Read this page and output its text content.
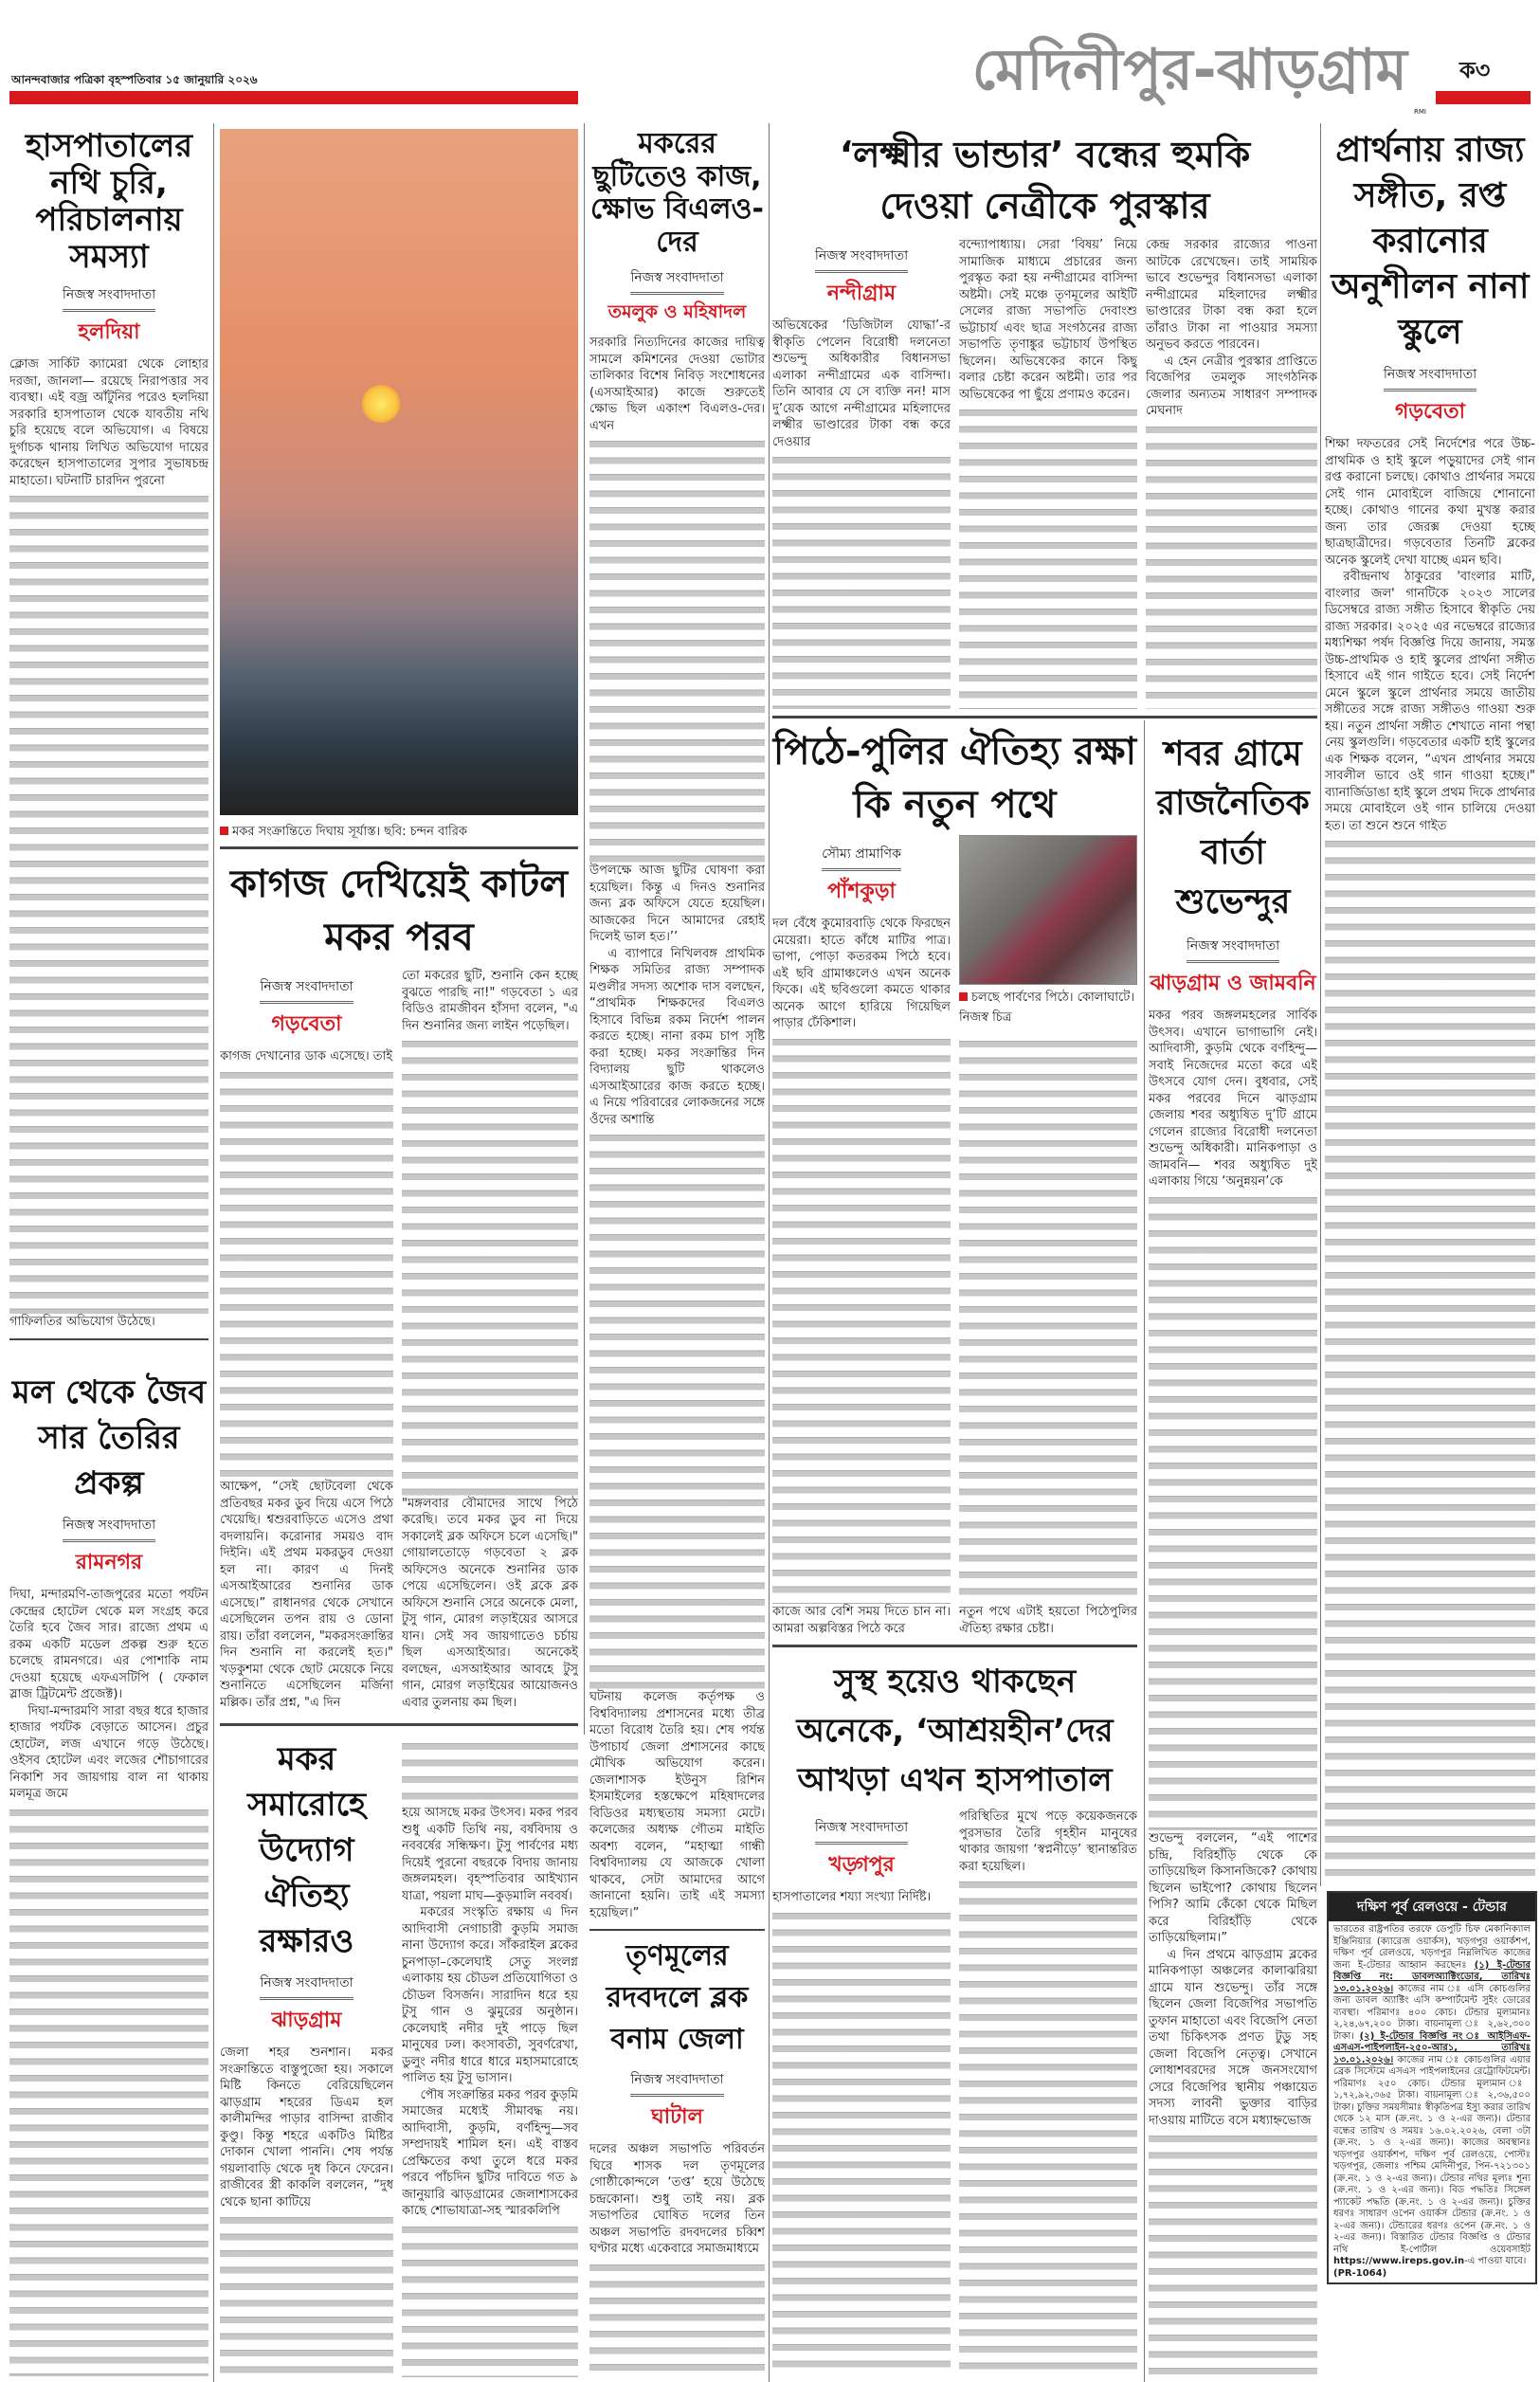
আনন্দবাজার পত্রিকা বৃহস্পতিবার ১৫ জানুয়ারি ২০২৬	মেদিনীপুর-ঝাড়গ্রাম
RMI
ক৩
হাসপাতালের নথি চুরি, পরিচালনায় সমস্যা
নিজস্ব সংবাদদাতা
হলদিয়া

ক্লোজ সার্কিট ক্যামেরা থেকে লোহার দরজা, জানলা— রয়েছে নিরাপত্তার সব ব্যবস্থা। এই বজ্র আঁটুনির পরেও হলদিয়া সরকারি হাসপাতাল থেকে যাবতীয় নথি চুরি হয়েছে বলে অভিযোগ। এ বিষয়ে দুর্গাচক থানায় লিখিত অভিযোগ দায়ের করেছেন হাসপাতালের সুপার সুভাষচন্দ্র মাহাতো। ঘটনাটি চারদিন পুরনো

গাফিলতির অভিযোগ উঠেছে।

মকর সংক্রান্তিতে দিঘায় সূর্যাস্ত। ছবি: চন্দন বারিক
মকরের ছুটিতেও কাজ, ক্ষোভ বিএলও-দের
নিজস্ব সংবাদদাতা
তমলুক ও মহিষাদল

সরকারি নিত্যদিনের কাজের দায়িত্ব সামলে কমিশনের দেওয়া ভোটার তালিকার বিশেষ নিবিড় সংশোধনের (এসআইআর) কাজে শুরুতেই ক্ষোভ ছিল একাংশ বিএলও-দের। এখন

উপলক্ষে আজ ছুটির ঘোষণা করা হয়েছিল। কিন্তু এ দিনও শুনানির জন্য ব্লক অফিসে যেতে হয়েছিল। আজকের দিনে আমাদের রেহাই দিলেই ভাল হত।’’

এ ব্যাপারে নিখিলবঙ্গ প্রাথমিক শিক্ষক সমিতির রাজ্য সম্পাদক মণ্ডলীর সদস্য অশোক দাস বলছেন, “প্রাথমিক শিক্ষকদের বিএলও হিসাবে বিভিন্ন রকম নির্দেশ পালন করতে হচ্ছে। নানা রকম চাপ সৃষ্টি করা হচ্ছে। মকর সংক্রান্তির দিন বিদ্যালয় ছুটি থাকলেও এসআইআরের কাজ করতে হচ্ছে। এ নিয়ে পরিবারের লোকজনের সঙ্গে ওঁদের অশান্তি

ঘটনায় কলেজ কর্তৃপক্ষ ও বিশ্ববিদ্যালয় প্রশাসনের মধ্যে তীব্র মতো বিরোধ তৈরি হয়। শেষ পর্যন্ত উপাচার্য জেলা প্রশাসনের কাছে মৌখিক অভিযোগ করেন। জেলাশাসক ইউনুস রিশিন ইসমাইলের হস্তক্ষেপে মহিষাদলের বিডিওর মধ্যস্থতায় সমস্যা মেটে। কলেজের অধ্যক্ষ গৌতম মাইতি অবশ্য বলেন, “মহাত্মা গান্ধী বিশ্ববিদ্যালয় যে আজকে খোলা থাকবে, সেটা আমাদের আগে জানানো হয়নি। তাই এই সমস্যা হয়েছিল।”

‘লক্ষ্মীর ভান্ডার’ বন্ধের হুমকি
দেওয়া নেত্রীকে পুরস্কার
নিজস্ব সংবাদদাতা
নন্দীগ্রাম

অভিষেকের ‘ডিজিটাল যোদ্ধা’-র স্বীকৃতি পেলেন বিরোধী দলনেতা শুভেন্দু অধিকারীর বিধানসভা এলাকা নন্দীগ্রামের এক বাসিন্দা। তিনি আবার যে সে ব্যক্তি নন! মাস দু’য়েক আগে নন্দীগ্রামের মহিলাদের লক্ষ্মীর ভাণ্ডারের টাকা বন্ধ করে দেওয়ার

বন্দ্যোপাধ্যায়। সেরা ‘বিষয়’ নিয়ে সামাজিক মাধ্যমে প্রচারের জন্য পুরস্কৃত করা হয় নন্দীগ্রামের বাসিন্দা অষ্টমী। সেই মঞ্চে তৃণমূলের আইটি সেলের রাজ্য সভাপতি দেবাংশু ভট্টাচার্য এবং ছাত্র সংগঠনের রাজ্য সভাপতি তৃণাঙ্কুর ভট্টাচার্য উপস্থিত ছিলেন। অভিষেকের কানে কিছু বলার চেষ্টা করেন অষ্টমী। তার পর অভিষেকের পা ছুঁয়ে প্রণামও করেন।

কেন্দ্র সরকার রাজ্যের পাওনা আটকে রেখেছেন। তাই সাময়িক ভাবে শুভেন্দুর বিধানসভা এলাকা নন্দীগ্রামের মহিলাদের লক্ষ্মীর ভাণ্ডারের টাকা বন্ধ করা হলে তাঁরাও টাকা না পাওয়ার সমস্যা অনুভব করতে পারবেন।

এ হেন নেত্রীর পুরস্কার প্রাপ্তিতে বিজেপির তমলুক সাংগঠনিক জেলার অন্যতম সাধারণ সম্পাদক মেঘনাদ

প্রার্থনায় রাজ্য সঙ্গীত, রপ্ত করানোর অনুশীলন নানা স্কুলে
নিজস্ব সংবাদদাতা
গড়বেতা

শিক্ষা দফতরের সেই নির্দেশের পরে উচ্চ-প্রাথমিক ও হাই স্কুলে পড়ুয়াদের সেই গান রপ্ত করানো চলছে। কোথাও প্রার্থনার সময়ে সেই গান মোবাইলে বাজিয়ে শোনানো হচ্ছে। কোথাও গানের কথা মুখস্ত করার জন্য তার জেরক্স দেওয়া হচ্ছে ছাত্রছাত্রীদের। গড়বেতার তিনটি ব্লকের অনেক স্কুলেই দেখা যাচ্ছে এমন ছবি।

রবীন্দ্রনাথ ঠাকুরের 'বাংলার মাটি, বাংলার জল' গানটিকে ২০২৩ সালের ডিসেম্বরে রাজ্য সঙ্গীত হিসাবে স্বীকৃতি দেয় রাজ্য সরকার। ২০২৫ এর নভেম্বরে রাজ্যের মধ্যশিক্ষা পর্ষদ বিজ্ঞপ্তি দিয়ে জানায়, সমস্ত উচ্চ-প্রাথমিক ও হাই স্কুলের প্রার্থনা সঙ্গীত হিসাবে এই গান গাইতে হবে। সেই নির্দেশ মেনে স্কুলে স্কুলে প্রার্থনার সময়ে জাতীয় সঙ্গীতের সঙ্গে রাজ্য সঙ্গীতও গাওয়া শুরু হয়। নতুন প্রার্থনা সঙ্গীত শেখাতে নানা পন্থা নেয় স্কুলগুলি। গড়বেতার একটি হাই স্কুলের এক শিক্ষক বলেন, “এখন প্রার্থনার সময়ে সাবলীল ভাবে ওই গান গাওয়া হচ্ছে।" ব্যানার্জিডাঙা হাই স্কুলে প্রথম দিকে প্রার্থনার সময়ে মোবাইলে ওই গান চালিয়ে দেওয়া হত। তা শুনে শুনে গাইত

কাগজ দেখিয়েই কাটল মকর পরব
নিজস্ব সংবাদদাতা
গড়বেতা

কাগজ দেখানোর ডাক এসেছে। তাই

আক্ষেপ, “সেই ছোটবেলা থেকে প্রতিবছর মকর ডুব দিয়ে এসে পিঠে খেয়েছি। শ্বশুরবাড়িতে এসেও প্রথা বদলায়নি। করোনার সময়ও বাদ দিইনি। এই প্রথম মকরডুব দেওয়া হল না। কারণ এ দিনই এসআইআরের শুনানির ডাক এসেছে।” রাধানগর থেকে সেখানে এসেছিলেন তপন রায় ও ডোনা রায়। তাঁরা বললেন, "মকরসংক্রান্তির দিন শুনানি না করলেই হত।" খড়কুশমা থেকে ছোট মেয়েকে নিয়ে শুনানিতে এসেছিলেন মর্জিনা মল্লিক। তাঁর প্রশ্ন, "এ দিন

তো মকরের ছুটি, শুনানি কেন হচ্ছে বুঝতে পারছি না!" গড়বেতা ১ এর বিডিও রামজীবন হাঁসদা বলেন, "এ দিন শুনানির জন্য লাইন পড়েছিল।

"মঙ্গলবার বৌমাদের সাথে পিঠে করেছি। তবে মকর ডুব না দিয়ে সকালেই ব্লক অফিসে চলে এসেছি।" গোয়ালতোড়ে গড়বেতা ২ ব্লক অফিসেও অনেকে শুনানির ডাক পেয়ে এসেছিলেন। ওই ব্লকে ব্লক অফিসে শুনানি সেরে অনেকে মেলা, টুসু গান, মোরগ লড়াইয়ের আসরে যান। সেই সব জায়গাতেও চর্চায় ছিল এসআইআর। অনেকেই বলছেন, এসআইআর আবহে টুসু গান, মোরগ লড়াইয়ের আয়োজনও এবার তুলনায় কম ছিল।

পিঠে-পুলির ঐতিহ্য রক্ষা কি নতুন পথে
সৌম্য প্রামাণিক
পাঁশকুড়া

দল বেঁধে কুমোরবাড়ি থেকে ফিরছেন মেয়েরা। হাতে কাঁধে মাটির পাত্র। ভাপা, পোড়া কতরকম পিঠে হবে। এই ছবি গ্রামাঞ্চলেও এখন অনেক ফিকে। এই ছবিগুলো কমতে থাকার অনেক আগে হারিয়ে গিয়েছিল পাড়ার ঢেঁকিশাল।

কাজে আর বেশি সময় দিতে চান না। আমরা অল্পবিস্তর পিঠে করে

চলছে পার্বণের পিঠে। কোলাঘাটে। নিজস্ব চিত্র

নতুন পথে এটাই হয়তো পিঠেপুলির ঐতিহ্য রক্ষার চেষ্টা।

শবর গ্রামে রাজনৈতিক বার্তা শুভেন্দুর
নিজস্ব সংবাদদাতা
ঝাড়গ্রাম ও জামবনি

মকর পরব জঙ্গলমহলের সার্বিক উৎসব। এখানে ভাগাভাগি নেই। আদিবাসী, কুড়মি থেকে বর্ণহিন্দু— সবাই নিজেদের মতো করে এই উৎসবে যোগ দেন। বুধবার, সেই মকর পরবের দিনে ঝাড়গ্রাম জেলায় শবর অধ্যুষিত দু’টি গ্রামে গেলেন রাজ্যের বিরোধী দলনেতা শুভেন্দু অধিকারী। মানিকপাড়া ও জামবনি— শবর অধ্যুষিত দুই এলাকায় গিয়ে ‘অনুন্নয়ন’কে

শুভেন্দু বললেন, “এই পাশের চন্দ্রি, বিরিহাঁড়ি থেকে কে তাড়িয়েছিল কিসানজিকে? কোথায় ছিলেন ভাইপো? কোথায় ছিলেন পিসি? আমি কেঁকো থেকে মিছিল করে বিরিহাঁড়ি থেকে তাড়িয়েছিলাম।”

এ দিন প্রথমে ঝাড়গ্রাম ব্লকের মানিকপাড়া অঞ্চলের কালাঝরিয়া গ্রামে যান শুভেন্দু। তাঁর সঙ্গে ছিলেন জেলা বিজেপির সভাপতি তুফান মাহাতো এবং বিজেপি নেতা তথা চিকিৎসক প্রণত টুডু সহ জেলা বিজেপি নেতৃত্ব। সেখানে লোধাশবরদের সঙ্গে জনসংযোগ সেরে বিজেপির স্থানীয় পঞ্চায়েত সদস্য লাবনী ভুক্তার বাড়ির দাওয়ায় মাটিতে বসে মধ্যাহ্নভোজ

মল থেকে জৈব সার তৈরির প্রকল্প
নিজস্ব সংবাদদাতা
রামনগর

দিঘা, মন্দারমণি-তাজপুরের মতো পর্যটন কেন্দ্রের হোটেল থেকে মল সংগ্রহ করে তৈরি হবে জৈব সার। রাজ্যে প্রথম এ রকম একটি মডেল প্রকল্প শুরু হতে চলেছে রামনগরে। এর পোশাকি নাম দেওয়া হয়েছে এফএসটিপি ( ফেকাল স্লাজ ট্রিটমেন্ট প্রজেক্ট)।

দিঘা-মন্দারমণি সারা বছর ধরে হাজার হাজার পর্যটক বেড়াতে আসেন। প্রচুর হোটেল, লজ এখানে গড়ে উঠেছে। ওইসব হোটেল এবং লজের শৌচাগারের নিকাশি সব জায়গায় বাল না থাকায় মলমূত্র জমে

মকর সমারোহে উদ্যোগ ঐতিহ্য রক্ষারও
নিজস্ব সংবাদদাতা
ঝাড়গ্রাম

জেলা শহর শুনশান। মকর সংক্রান্তিতে বাস্তুপুজো হয়। সকালে মিষ্টি কিনতে বেরিয়েছিলেন ঝাড়গ্রাম শহরের ডিএম হল কালীমন্দির পাড়ার বাসিন্দা রাজীব কুণ্ডু। কিন্তু শহরে একটিও মিষ্টির দোকান খোলা পাননি। শেষ পর্যন্ত গয়লাবাড়ি থেকে দুধ কিনে ফেরেন। রাজীবের স্ত্রী কাকলি বললেন, “দুধ থেকে ছানা কাটিয়ে

হয়ে আসছে মকর উৎসব। মকর পরব শুধু একটি তিথি নয়, বর্ষবিদায় ও নববর্ষের সন্ধিক্ষণ। টুসু পার্বণের মধ্য দিয়েই পুরনো বছরকে বিদায় জানায় জঙ্গলমহল। বৃহস্পতিবার আইখ্যান যাত্রা, পয়লা মাঘ—কুড়মালি নববর্ষ।

মকরের সংস্কৃতি রক্ষায় এ দিন আদিবাসী নেগাচারী কুড়মি সমাজ নানা উদ্যোগ করে। সাঁকরাইল ব্লকের চুনপাড়া–কেলেঘাই সেতু সংলগ্ন এলাকায় হয় চৌডল প্রতিযোগিতা ও চৌডল বিসর্জন। সারাদিন ধরে হয় টুসু গান ও ঝুমুরের অনুষ্ঠান। কেলেঘাই নদীর দুই পাড়ে ছিল মানুষের ঢল। কংসাবতী, সুবর্ণরেখা, ডুলুং নদীর ধারে ধারে মহাসমারোহে পালিত হয় টুসু ভাসান।

পৌষ সংক্রান্তির মকর পরব কুড়মি সমাজের মধ্যেই সীমাবদ্ধ নয়। আদিবাসী, কুড়মি, বর্ণহিন্দু—সব সম্প্রদায়ই শামিল হন। এই বাস্তব প্রেক্ষিতের কথা তুলে ধরে মকর পরবে পাঁচদিন ছুটির দাবিতে গত ৯ জানুয়ারি ঝাড়গ্রামের জেলাশাসকের কাছে শোভাযাত্রা-সহ স্মারকলিপি

তৃণমূলের রদবদলে ব্লক বনাম জেলা
নিজস্ব সংবাদদাতা
ঘাটাল

দলের অঞ্চল সভাপতি পরিবর্তন ঘিরে শাসক দল তৃণমূলের গোষ্ঠীকোন্দলে ‘তপ্ত’ হয়ে উঠেছে চন্দ্রকোনা। শুধু তাই নয়। ব্লক সভাপতির ঘোষিত দলের তিন অঞ্চল সভাপতি রদবদলের চব্বিশ ঘণ্টার মধ্যে একেবারে সমাজমাধ্যমে

সুস্থ হয়েও থাকছেন
অনেকে, ‘আশ্রয়হীন’দের
আখড়া এখন হাসপাতাল
নিজস্ব সংবাদদাতা
খড়্গপুর

হাসপাতালের শয্যা সংখ্যা নির্দিষ্ট।

পরিস্থিতির মুখে পড়ে কয়েকজনকে পুরসভার তৈরি গৃহহীন মানুষের থাকার জায়গা ‘স্বপ্ননীড়ে’ স্থানান্তরিত করা হয়েছিল।

দক্ষিণ পূর্ব রেলওয়ে - টেন্ডার
ভারতের রাষ্ট্রপতির তরফে ডেপুটি চিফ মেকানিক্যাল ইঞ্জিনিয়ার (ক্যারেজ ওয়ার্কস), খড়গপুর ওয়ার্কশপ, দক্ষিণ পূর্ব রেলওয়ে, খড়গপুর নিম্নলিখিত কাজের জন্য ই-টেন্ডার আহ্বান করছেনঃ (১) ই-টেন্ডার বিজ্ঞপ্তি নং: ডাবলঅ্যাক্টিংডোর, তারিখঃ ১৩.০১.২০২৬। কাজের নাম ঃ এসি কোচগুলির জন্য ডাবল অ্যাক্টিং এসি কম্পার্টমেন্ট সুইং ডোরের ব্যবস্থা। পরিমাণঃ ৪০০ কোচ। টেন্ডার মূল্যমানঃ ২,২৪,৬৭,২০০ টাকা। বায়নামূল্য ঃ ২,৬২,৩০০ টাকা। (২) ই-টেন্ডার বিজ্ঞপ্তি নং ঃ আইসিএফ-এসএস-পাইপলাইন-২৫০-আর১, তারিখঃ ১৩.০১.২০২৬। কাজের নাম ঃ কোচগুলির এয়ার ব্রেক সিস্টেমে এসএস পাইপলাইনের রেট্রোফিটমেন্ট। পরিমাণঃ ২৫০ কোচ। টেন্ডার মূল্যমান ঃ ১,৭২,৯২,৩৬৫ টাকা। বায়নামূল্য ঃ ২,৩৬,৫০০ টাকা। চুক্তির সময়সীমাঃ স্বীকৃতিপত্র ইস্যু করার তারিখ থেকে ১২ মাস (ক্র.নং. ১ ও ২-এর জন্য)। টেন্ডার বন্ধের তারিখ ও সময়ঃ ১৬.০২.২০২৬, বেলা ৩টা (ক্র.নং. ১ ও ২-এর জন্য)। কাজের অবস্থানঃ খড়গপুর ওয়ার্কশপ, দক্ষিণ পূর্ব রেলওয়ে, পোস্টঃ খড়গপুর, জেলাঃ পশ্চিম মেদিনীপুর, পিন-৭২১৩০১ (ক্র.নং. ১ ও ২-এর জন্য)। টেন্ডার নথির মূল্যঃ শূন্য (ক্র.নং. ১ ও ২-এর জন্য)। বিড পদ্ধতিঃ সিঙ্গেল প্যাকেট পদ্ধতি (ক্র.নং. ১ ও ২-এর জন্য)। চুক্তির ধরণঃ সাধারণ ওপেন ওয়ার্কস টেন্ডার (ক্র.নং. ১ ও ২-এর জন্য)। টেন্ডারের ধরণঃ ওপেন (ক্র.নং. ১ ও ২-এর জন্য)। বিস্তারিত টেন্ডার বিজ্ঞপ্তি ও টেন্ডার নথি ই-পোর্টাল ওয়েবসাইট https://www.ireps.gov.in-এ পাওয়া যাবে।
(PR-1064)
